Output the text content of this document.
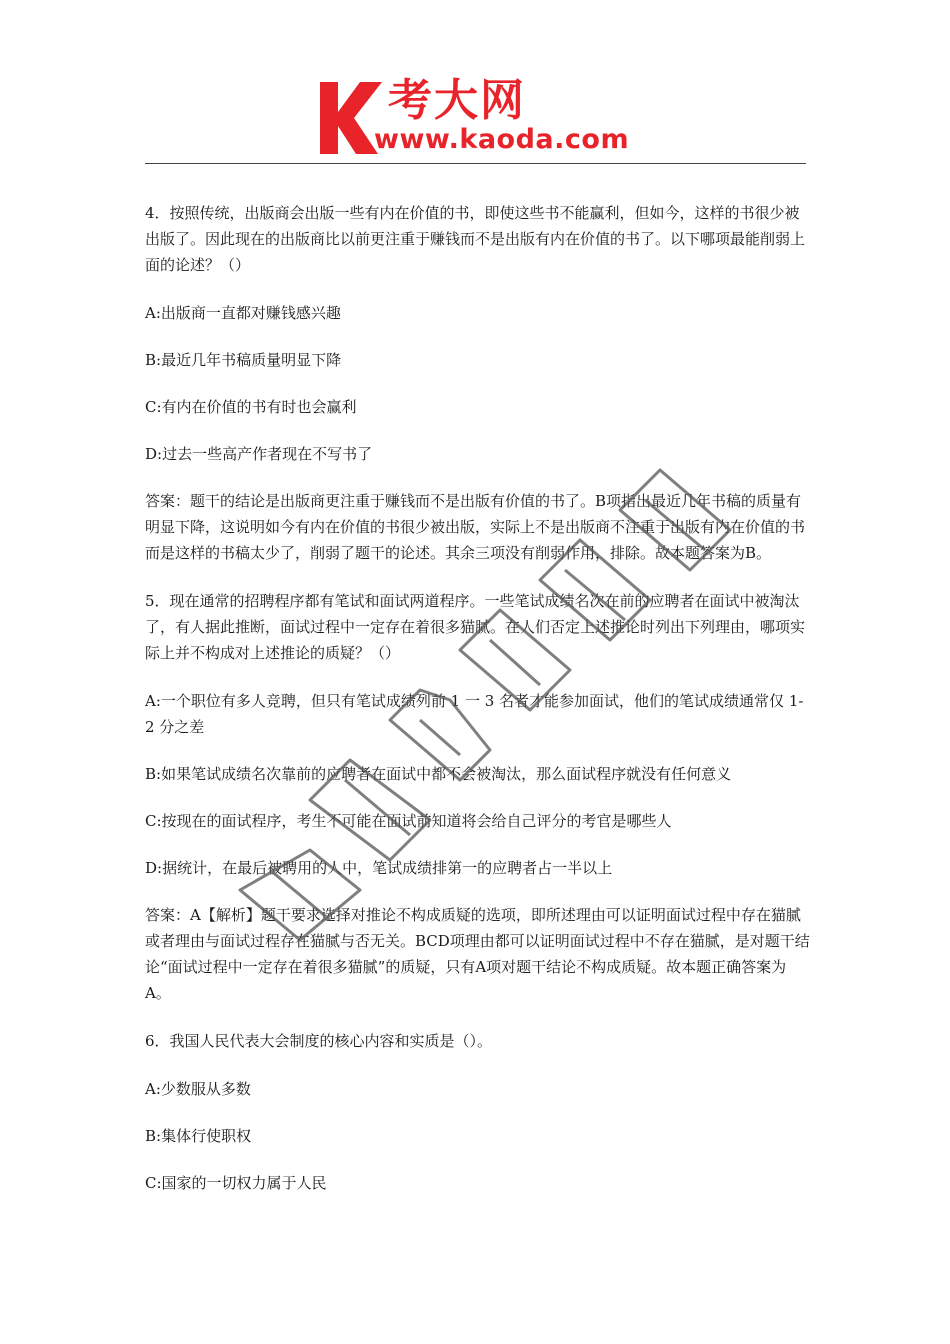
考大网
www.kaoda.com

4．按照传统，出版商会出版一些有内在价值的书，即使这些书不能赢利，但如今，这样的书很少被出版了。因此现在的出版商比以前更注重于赚钱而不是出版有内在价值的书了。以下哪项最能削弱上面的论述？（）

A:出版商一直都对赚钱感兴趣

B:最近几年书稿质量明显下降

C:有内在价值的书有时也会赢利

D:过去一些高产作者现在不写书了

答案：题干的结论是出版商更注重于赚钱而不是出版有价值的书了。B项指出最近几年书稿的质量有明显下降，这说明如今有内在价值的书很少被出版，实际上不是出版商不注重于出版有内在价值的书而是这样的书稿太少了，削弱了题干的论述。其余三项没有削弱作用，排除。故本题答案为B。

5．现在通常的招聘程序都有笔试和面试两道程序。一些笔试成绩名次在前的应聘者在面试中被淘汰了，有人据此推断，面试过程中一定存在着很多猫腻。在人们否定上述推论时列出下列理由，哪项实际上并不构成对上述推论的质疑？（）

A:一个职位有多人竞聘，但只有笔试成绩列前 1 一 3 名者才能参加面试，他们的笔试成绩通常仅 1-2 分之差

B:如果笔试成绩名次靠前的应聘者在面试中都不会被淘汰，那么面试程序就没有任何意义

C:按现在的面试程序，考生不可能在面试前知道将会给自己评分的考官是哪些人

D:据统计，在最后被聘用的人中，笔试成绩排第一的应聘者占一半以上

答案：A【解析】题干要求选择对推论不构成质疑的选项，即所述理由可以证明面试过程中存在猫腻或者理由与面试过程存在猫腻与否无关。BCD项理由都可以证明面试过程中不存在猫腻，是对题干结论“面试过程中一定存在着很多猫腻”的质疑，只有A项对题干结论不构成质疑。故本题正确答案为A。

6．我国人民代表大会制度的核心内容和实质是（）。

A:少数服从多数

B:集体行使职权

C:国家的一切权力属于人民
